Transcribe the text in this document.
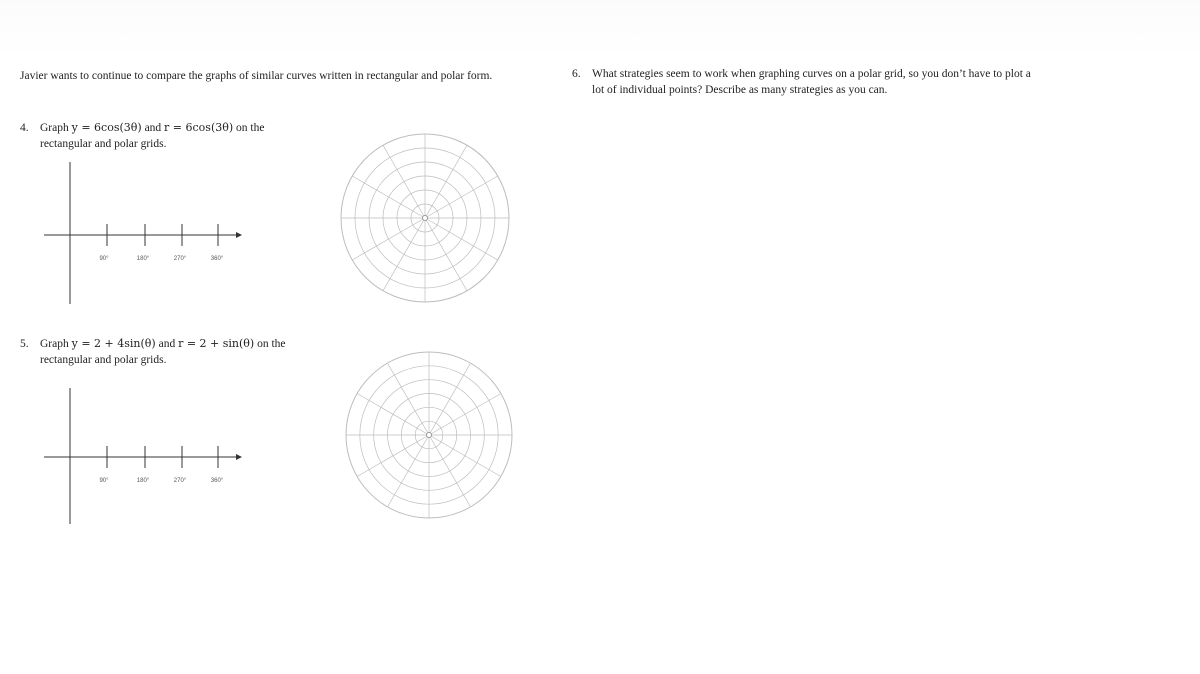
Javier wants to continue to compare the graphs of similar curves written in rectangular and polar form.
4. Graph y = 6cos(3θ) and r = 6cos(3θ) on the
rectangular and polar grids.
5. Graph y = 2 + 4sin(θ) and r = 2 + sin(θ) on the
rectangular and polar grids.
6. What strategies seem to work when graphing curves on a polar grid, so you don’t have to plot a
lot of individual points? Describe as many strategies as you can.
90°	180°	270°	360°
90°	180°	270°	360°
